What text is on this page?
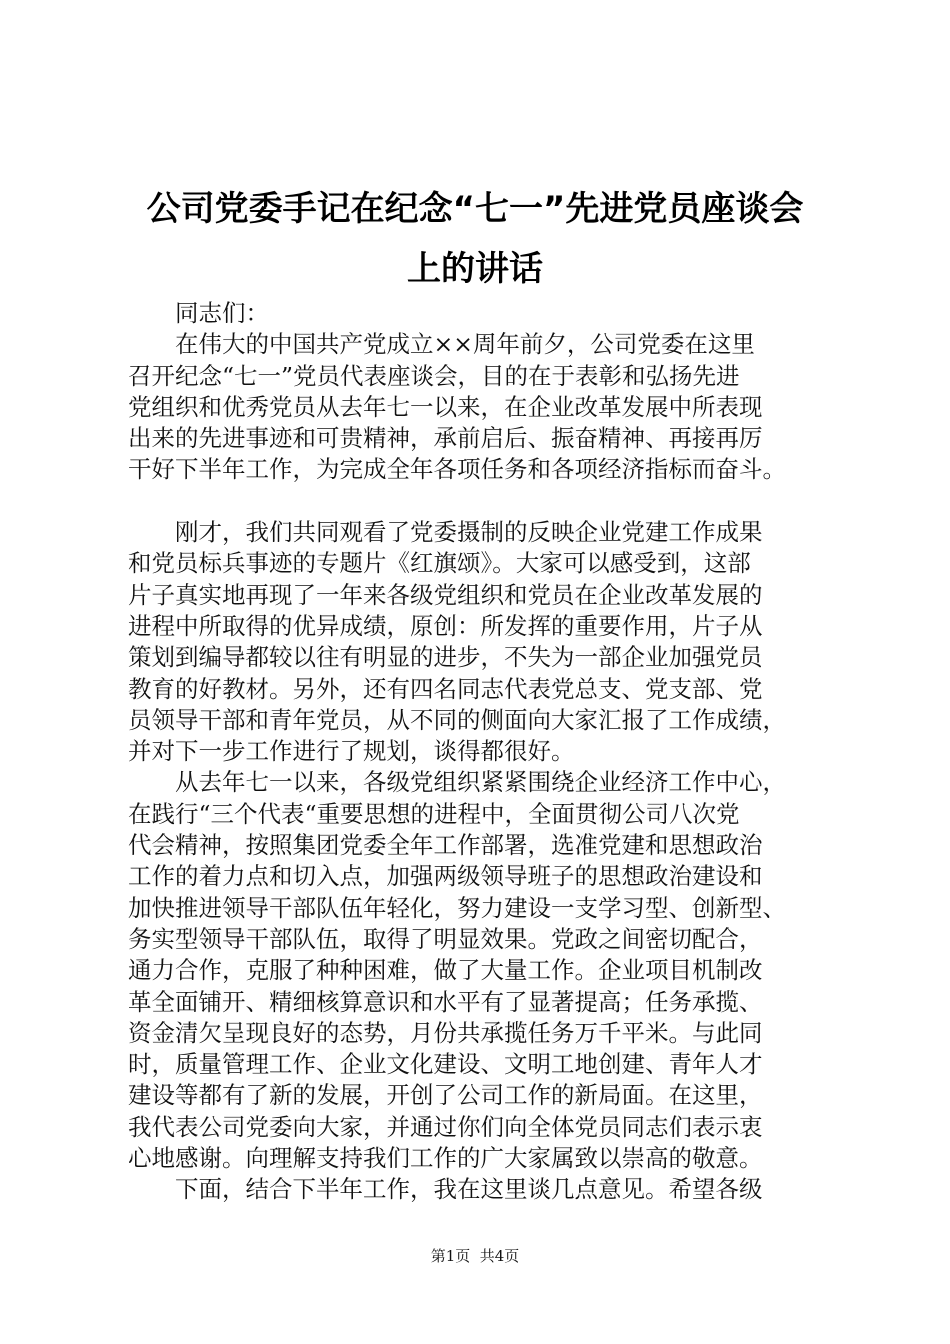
公司党委手记在纪念“七一”先进党员座谈会
上的讲话
　　同志们：
　　在伟大的中国共产党成立××周年前夕，公司党委在这里
召开纪念“七一”党员代表座谈会，目的在于表彰和弘扬先进
党组织和优秀党员从去年七一以来，在企业改革发展中所表现
出来的先进事迹和可贵精神，承前启后、振奋精神、再接再厉
干好下半年工作，为完成全年各项任务和各项经济指标而奋斗。
　　刚才，我们共同观看了党委摄制的反映企业党建工作成果
和党员标兵事迹的专题片《红旗颂》。大家可以感受到，这部
片子真实地再现了一年来各级党组织和党员在企业改革发展的
进程中所取得的优异成绩，原创：所发挥的重要作用，片子从
策划到编导都较以往有明显的进步，不失为一部企业加强党员
教育的好教材。另外，还有四名同志代表党总支、党支部、党
员领导干部和青年党员，从不同的侧面向大家汇报了工作成绩，
并对下一步工作进行了规划，谈得都很好。
　　从去年七一以来，各级党组织紧紧围绕企业经济工作中心，
在践行“三个代表“重要思想的进程中，全面贯彻公司八次党
代会精神，按照集团党委全年工作部署，选准党建和思想政治
工作的着力点和切入点，加强两级领导班子的思想政治建设和
加快推进领导干部队伍年轻化，努力建设一支学习型、创新型、
务实型领导干部队伍，取得了明显效果。党政之间密切配合，
通力合作，克服了种种困难，做了大量工作。企业项目机制改
革全面铺开、精细核算意识和水平有了显著提高；任务承揽、
资金清欠呈现良好的态势，月份共承揽任务万千平米。与此同
时，质量管理工作、企业文化建设、文明工地创建、青年人才
建设等都有了新的发展，开创了公司工作的新局面。在这里，
我代表公司党委向大家，并通过你们向全体党员同志们表示衷
心地感谢。向理解支持我们工作的广大家属致以崇高的敬意。
　　下面，结合下半年工作，我在这里谈几点意见。希望各级
第1页  共4页
